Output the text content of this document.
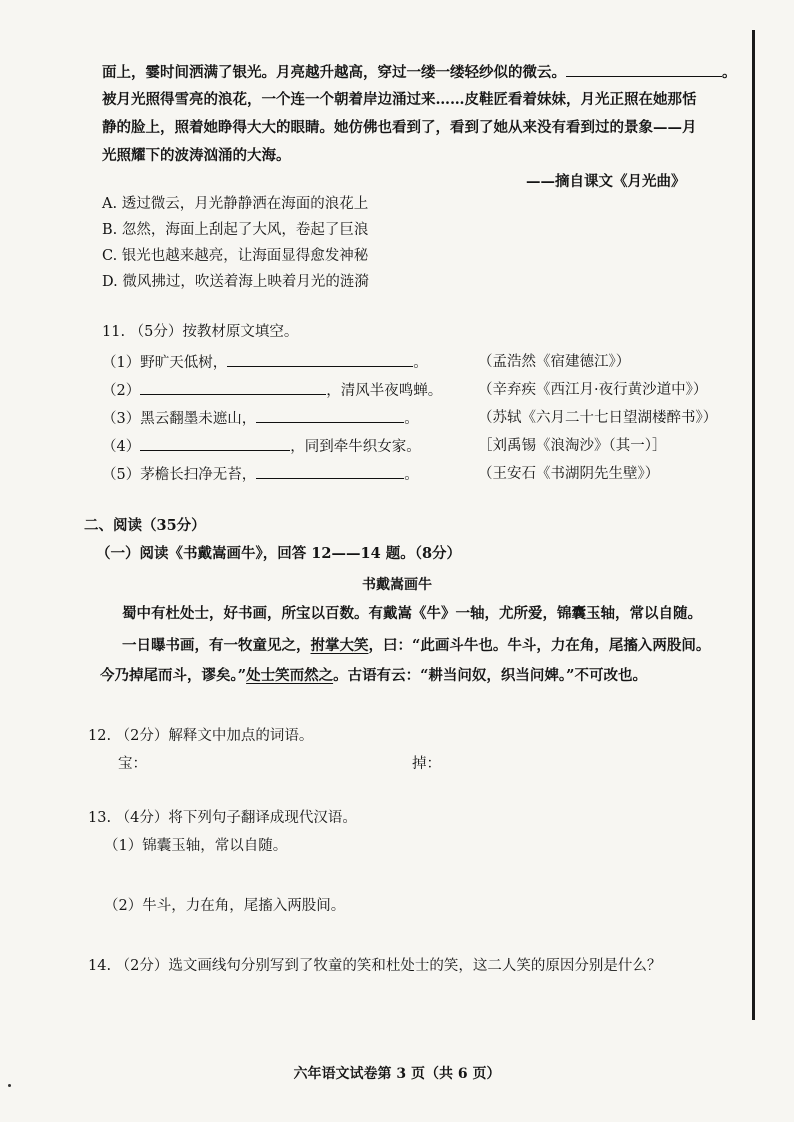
面上，霎时间洒满了银光。月亮越升越高，穿过一缕一缕轻纱似的微云。	。
被月光照得雪亮的浪花，一个连一个朝着岸边涌过来……皮鞋匠看着妹妹，月光正照在她那恬
静的脸上，照着她睁得大大的眼睛。她仿佛也看到了，看到了她从来没有看到过的景象——月
光照耀下的波涛汹涌的大海。
——摘自课文《月光曲》
A. 透过微云，月光静静洒在海面的浪花上
B. 忽然，海面上刮起了大风，卷起了巨浪
C. 银光也越来越亮，让海面显得愈发神秘
D. 微风拂过，吹送着海上映着月光的涟漪
11. （5分）按教材原文填空。
（1）野旷天低树，	。	（孟浩然《宿建德江》）
（2）	，清风半夜鸣蝉。 （辛弃疾《西江月·夜行黄沙道中》）
（3）黑云翻墨未遮山，	。	（苏轼《六月二十七日望湖楼醉书》）
（4）	，同到牵牛织女家。	［刘禹锡《浪淘沙》（其一）］
（5）茅檐长扫净无苔，	。	（王安石《书湖阴先生壁》）
二、阅读（35分）
（一）阅读《书戴嵩画牛》，回答 12——14 题。（8分）
书戴嵩画牛
蜀中有杜处士，好书画，所宝以百数。有戴嵩《牛》一轴，尤所爱，锦囊玉轴，常以自随。
一日曝书画，有一牧童见之，拊掌大笑，曰：“此画斗牛也。牛斗，力在角，尾搐入两股间。
今乃掉尾而斗，谬矣。”处士笑而然之。古语有云：“耕当问奴，织当问婢。”不可改也。
12. （2分）解释文中加点的词语。
宝：	掉：
13. （4分）将下列句子翻译成现代汉语。
（1）锦囊玉轴，常以自随。
（2）牛斗，力在角，尾搐入两股间。
14. （2分）选文画线句分别写到了牧童的笑和杜处士的笑，这二人笑的原因分别是什么？
六年语文试卷第 3 页（共 6 页）
